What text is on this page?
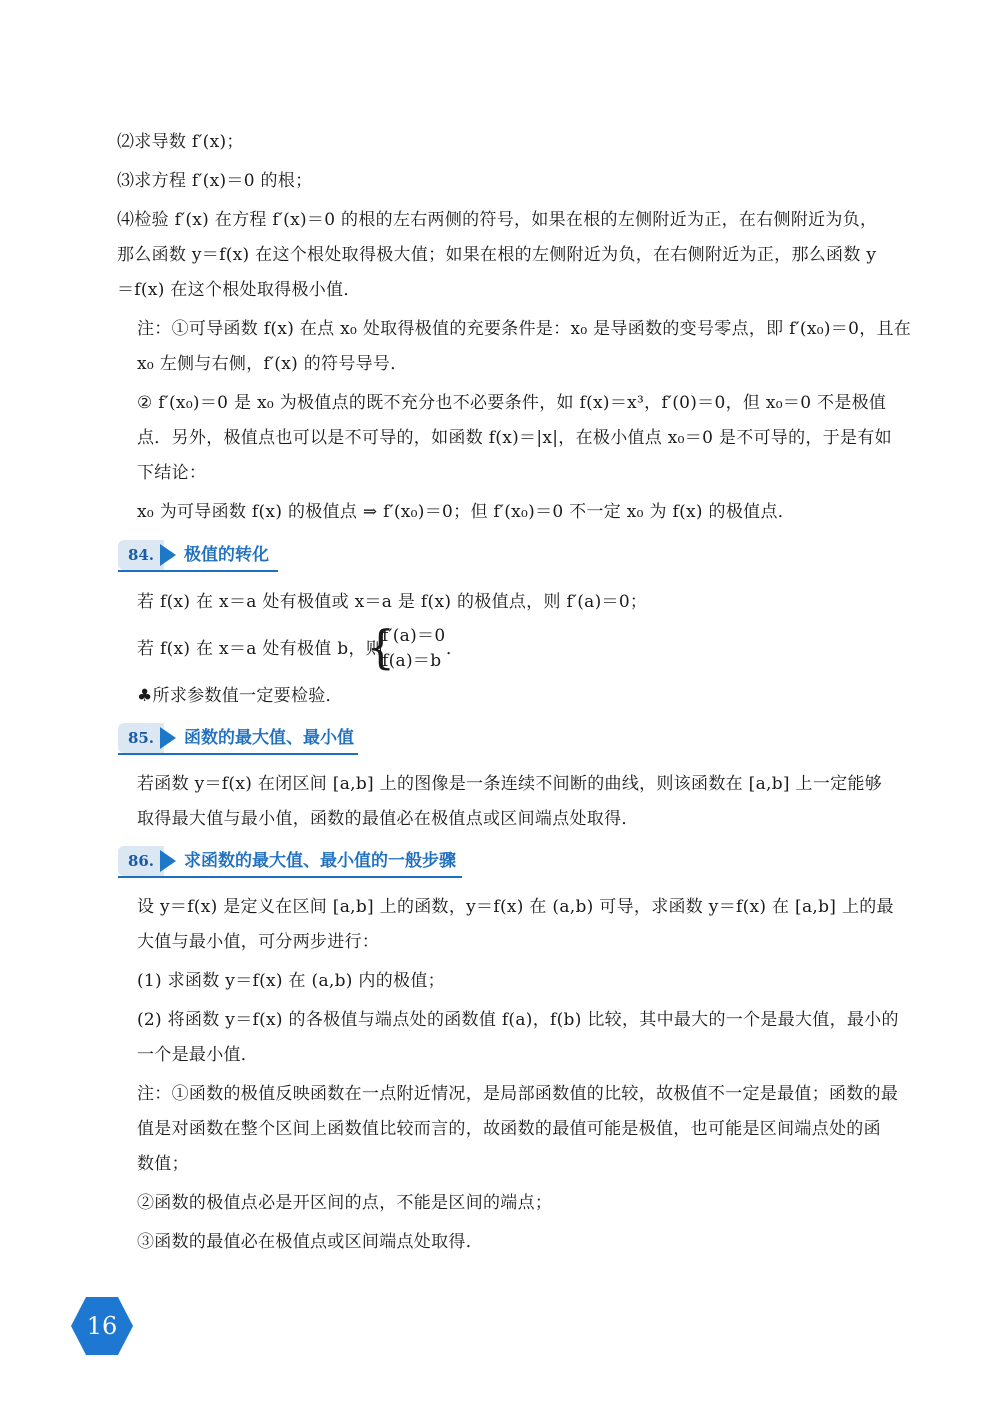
⑵求导数 f′(x)；
⑶求方程 f′(x)＝0 的根；
⑷检验 f′(x) 在方程 f′(x)＝0 的根的左右两侧的符号，如果在根的左侧附近为正，在右侧附近为负，
那么函数 y＝f(x) 在这个根处取得极大值；如果在根的左侧附近为负，在右侧附近为正，那么函数 y
＝f(x) 在这个根处取得极小值．
注：①可导函数 f(x) 在点 x₀ 处取得极值的充要条件是：x₀ 是导函数的变号零点，即 f′(x₀)＝0，且在
x₀ 左侧与右侧，f′(x) 的符号导号．
② f′(x₀)＝0 是 x₀ 为极值点的既不充分也不必要条件，如 f(x)＝x³，f′(0)＝0，但 x₀＝0 不是极值
点．另外，极值点也可以是不可导的，如函数 f(x)＝|x|，在极小值点 x₀＝0 是不可导的，于是有如
下结论：
x₀ 为可导函数 f(x) 的极值点 ⇒ f′(x₀)＝0；但 f′(x₀)＝0 不一定 x₀ 为 f(x) 的极值点．
84.	极值的转化
若 f(x) 在 x＝a 处有极值或 x＝a 是 f(x) 的极值点，则 f′(a)＝0；
若 f(x) 在 x＝a 处有极值 b，则
{
f′(a)＝0
f(a)＝b
．
♣所求参数值一定要检验．
85.	函数的最大值、最小值
若函数 y＝f(x) 在闭区间 [a,b] 上的图像是一条连续不间断的曲线，则该函数在 [a,b] 上一定能够
取得最大值与最小值，函数的最值必在极值点或区间端点处取得．
86.	求函数的最大值、最小值的一般步骤
设 y＝f(x) 是定义在区间 [a,b] 上的函数，y＝f(x) 在 (a,b) 可导，求函数 y＝f(x) 在 [a,b] 上的最
大值与最小值，可分两步进行：
(1) 求函数 y＝f(x) 在 (a,b) 内的极值；
(2) 将函数 y＝f(x) 的各极值与端点处的函数值 f(a)，f(b) 比较，其中最大的一个是最大值，最小的
一个是最小值．
注：①函数的极值反映函数在一点附近情况，是局部函数值的比较，故极值不一定是最值；函数的最
值是对函数在整个区间上函数值比较而言的，故函数的最值可能是极值，也可能是区间端点处的函
数值；
②函数的极值点必是开区间的点，不能是区间的端点；
③函数的最值必在极值点或区间端点处取得．
16
